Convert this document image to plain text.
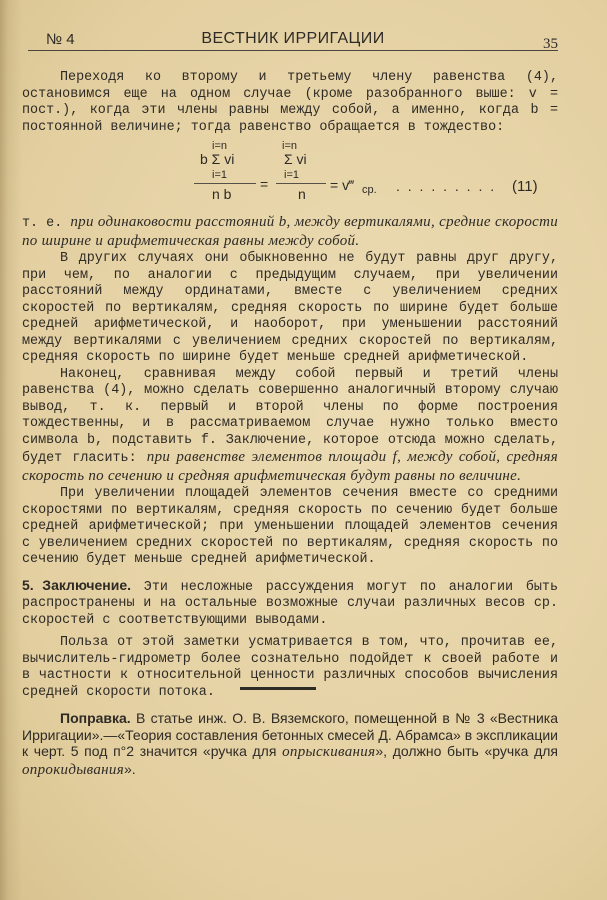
№ 4	ВЕСТНИК ИРРИГАЦИИ	35

Переходя ко второму и третьему члену равенства (4), остановимся еще на одном случае (кроме разобранного выше: v = пост.), когда эти члены равны между собой, а именно, когда b = постоянной величине; тогда равенство обращается в тождество:

i=n
b Σ vi
i=1
n b
=
i=n
Σ vi
i=1
n
= v‴ ср. . . . . . . . . . (11)

т. е. при одинаковости расстояний b, между вертикалями, средние скорости по ширине и арифметическая равны между собой.

В других случаях они обыкновенно не будут равны друг другу, при чем, по аналогии с предыдущим случаем, при увеличении расстояний между ординатами, вместе с увеличением средних скоростей по вертикалям, средняя скорость по ширине будет больше средней арифметической, и наоборот, при уменьшении расстояний между вертикалями с увеличением средних скоростей по вертикалям, средняя скорость по ширине будет меньше средней арифметической.

Наконец, сравнивая между собой первый и третий члены равенства (4), можно сделать совершенно аналогичный второму случаю вывод, т. к. первый и второй члены по форме построения тождественны, и в рассматриваемом случае нужно только вместо символа b, подставить f. Заключение, которое отсюда можно сделать, будет гласить: при равенстве элементов площади f, между собой, средняя скорость по сечению и средняя арифметическая будут равны по величине.

При увеличении площадей элементов сечения вместе со средними скоростями по вертикалям, средняя скорость по сечению будет больше средней арифметической; при уменьшении площадей элементов сечения с увеличением средних скоростей по вертикалям, средняя скорость по сечению будет меньше средней арифметической.

5. Заключение. Эти несложные рассуждения могут по аналогии быть распространены и на остальные возможные случаи различных весов ср. скоростей с соответствующими выводами.

Польза от этой заметки усматривается в том, что, прочитав ее, вычислитель-гидрометр более сознательно подойдет к своей работе и в частности к относительной ценности различных способов вычисления средней скорости потока.

Поправка. В статье инж. О. В. Вяземского, помещенной в № 3 «Вестника Ирригации».—«Теория составления бетонных смесей Д. Абрамса» в экспликации к черт. 5 под п°2 значится «ручка для опрыскивания», должно быть «ручка для опрокидывания».
